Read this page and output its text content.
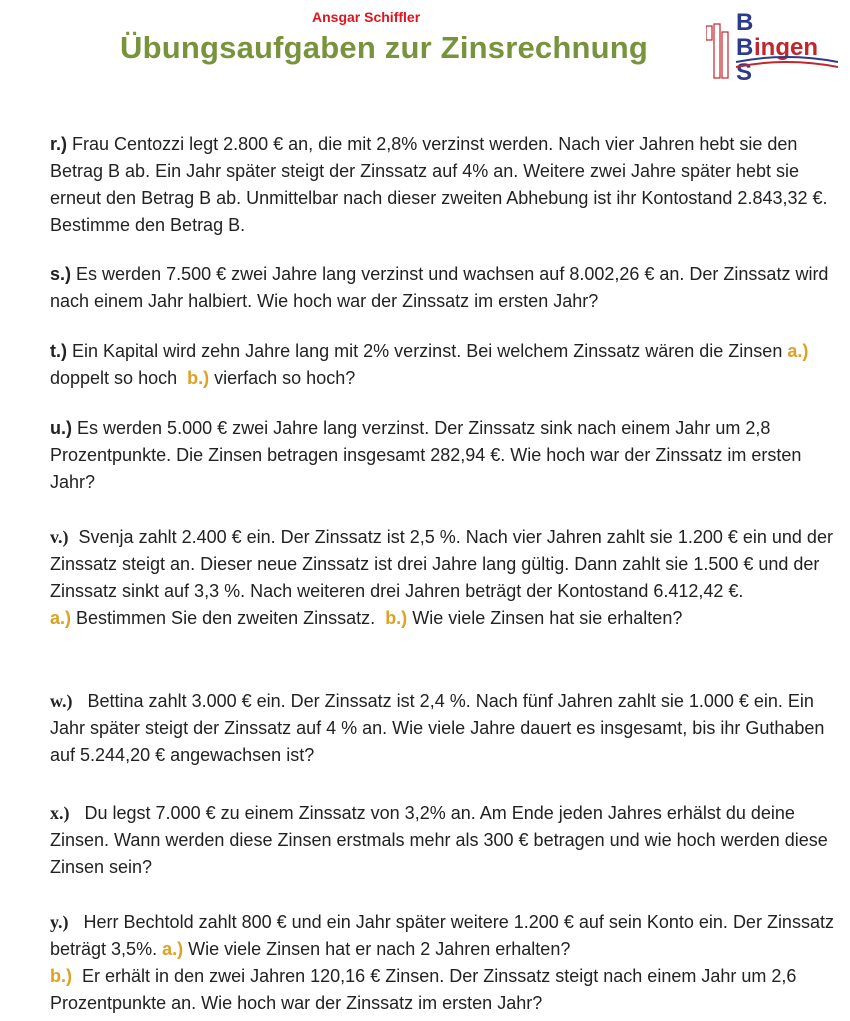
Ansgar Schiffler
Übungsaufgaben zur Zinsrechnung
B
B
S
ingen

r.) Frau Centozzi legt 2.800 € an, die mit 2,8% verzinst werden. Nach vier Jahren hebt sie den Betrag B ab. Ein Jahr später steigt der Zinssatz auf 4% an. Weitere zwei Jahre später hebt sie erneut den Betrag B ab. Unmittelbar nach dieser zweiten Abhebung ist ihr Kontostand 2.843,32 €. Bestimme den Betrag B.

s.) Es werden 7.500 € zwei Jahre lang verzinst und wachsen auf 8.002,26 € an. Der Zinssatz wird nach einem Jahr halbiert. Wie hoch war der Zinssatz im ersten Jahr?

t.) Ein Kapital wird zehn Jahre lang mit 2% verzinst. Bei welchem Zinssatz wären die Zinsen a.) doppelt so hoch b.) vierfach so hoch?

u.) Es werden 5.000 € zwei Jahre lang verzinst. Der Zinssatz sink nach einem Jahr um 2,8 Prozentpunkte. Die Zinsen betragen insgesamt 282,94 €. Wie hoch war der Zinssatz im ersten Jahr?

v.) Svenja zahlt 2.400 € ein. Der Zinssatz ist 2,5 %. Nach vier Jahren zahlt sie 1.200 € ein und der Zinssatz steigt an. Dieser neue Zinssatz ist drei Jahre lang gültig. Dann zahlt sie 1.500 € und der Zinssatz sinkt auf 3,3 %. Nach weiteren drei Jahren beträgt der Kontostand 6.412,42 €.

a.) Bestimmen Sie den zweiten Zinssatz. b.) Wie viele Zinsen hat sie erhalten?

w.) Bettina zahlt 3.000 € ein. Der Zinssatz ist 2,4 %. Nach fünf Jahren zahlt sie 1.000 € ein. Ein Jahr später steigt der Zinssatz auf 4 % an. Wie viele Jahre dauert es insgesamt, bis ihr Guthaben auf 5.244,20 € angewachsen ist?

x.) Du legst 7.000 € zu einem Zinssatz von 3,2% an. Am Ende jeden Jahres erhälst du deine Zinsen. Wann werden diese Zinsen erstmals mehr als 300 € betragen und wie hoch werden diese Zinsen sein?

y.) Herr Bechtold zahlt 800 € und ein Jahr später weitere 1.200 € auf sein Konto ein. Der Zinssatz beträgt 3,5%. a.) Wie viele Zinsen hat er nach 2 Jahren erhalten?

b.) Er erhält in den zwei Jahren 120,16 € Zinsen. Der Zinssatz steigt nach einem Jahr um 2,6 Prozentpunkte an. Wie hoch war der Zinssatz im ersten Jahr?
